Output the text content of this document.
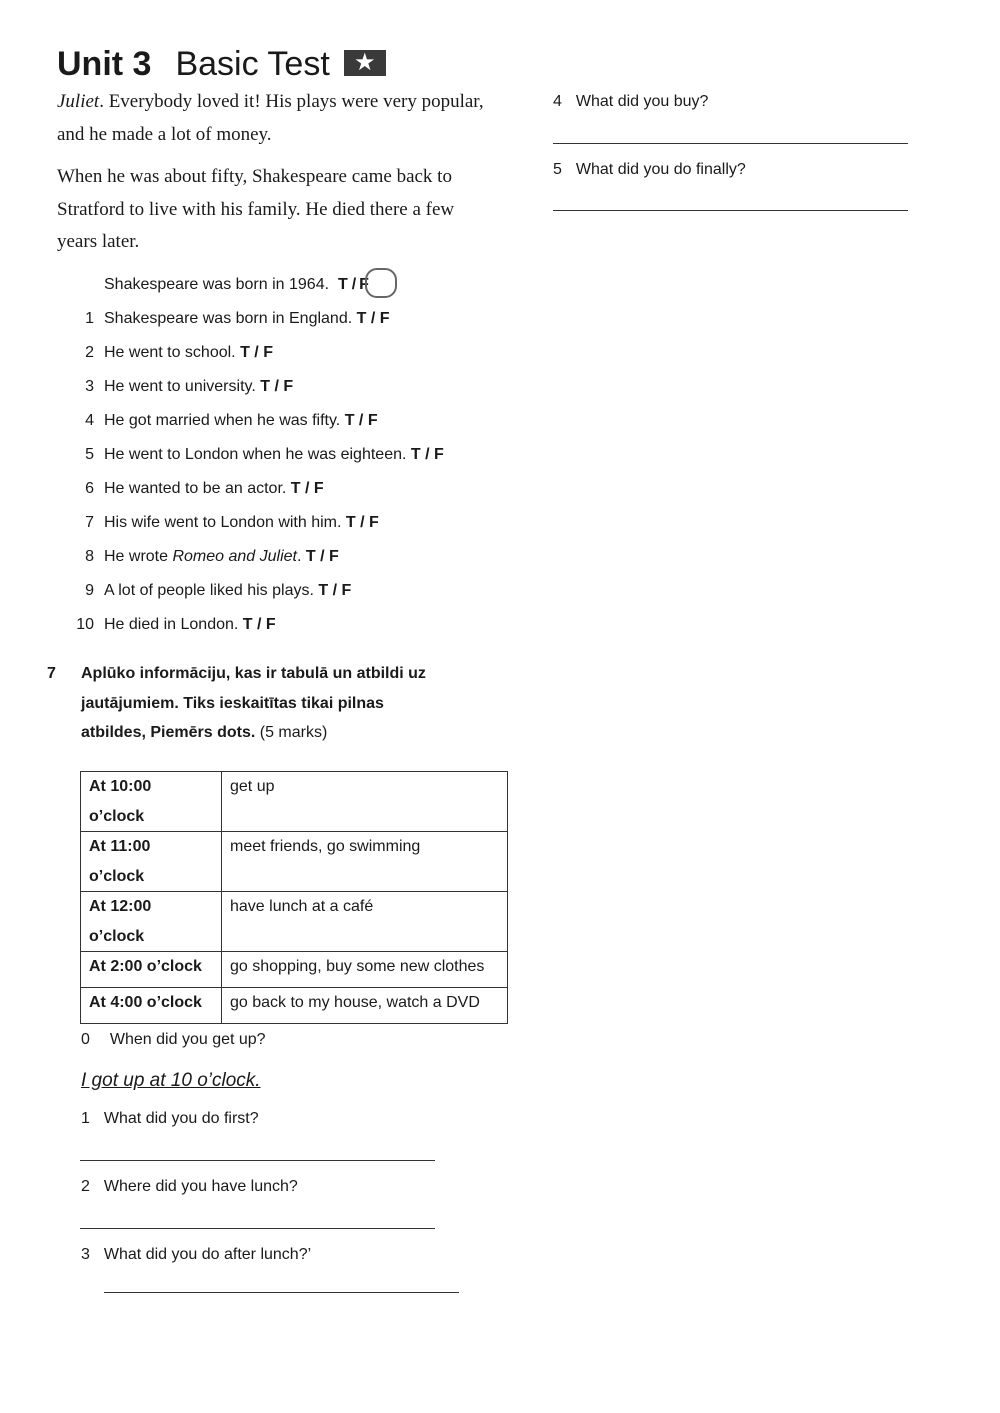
Unit 3 Basic Test ★
Juliet. Everybody loved it! His plays were very popular, and he made a lot of money.
When he was about fifty, Shakespeare came back to Stratford to live with his family. He died there a few years later.
Shakespeare was born in 1964. T / F
1 Shakespeare was born in England. T / F
2 He went to school. T / F
3 He went to university. T / F
4 He got married when he was fifty. T / F
5 He went to London when he was eighteen. T / F
6 He wanted to be an actor. T / F
7 His wife went to London with him. T / F
8 He wrote Romeo and Juliet. T / F
9 A lot of people liked his plays. T / F
10 He died in London. T / F
7 Aplūko informāciju, kas ir tabulā un atbildi uz
jautājumiem. Tiks ieskaitītas tikai pilnas
atbildes, Piemērs dots. (5 marks)
At 10:00
o’clock	get up

At 11:00
o’clock	meet friends, go swimming

At 12:00
o’clock	have lunch at a café
At 2:00 o’clock	go shopping, buy some new clothes
At 4:00 o’clock	go back to my house, watch a DVD
0 When did you get up?
I got up at 10 o’clock.
1 What did you do first?
2 Where did you have lunch?
3 What did you do after lunch?’
4 What did you buy?
5 What did you do finally?
